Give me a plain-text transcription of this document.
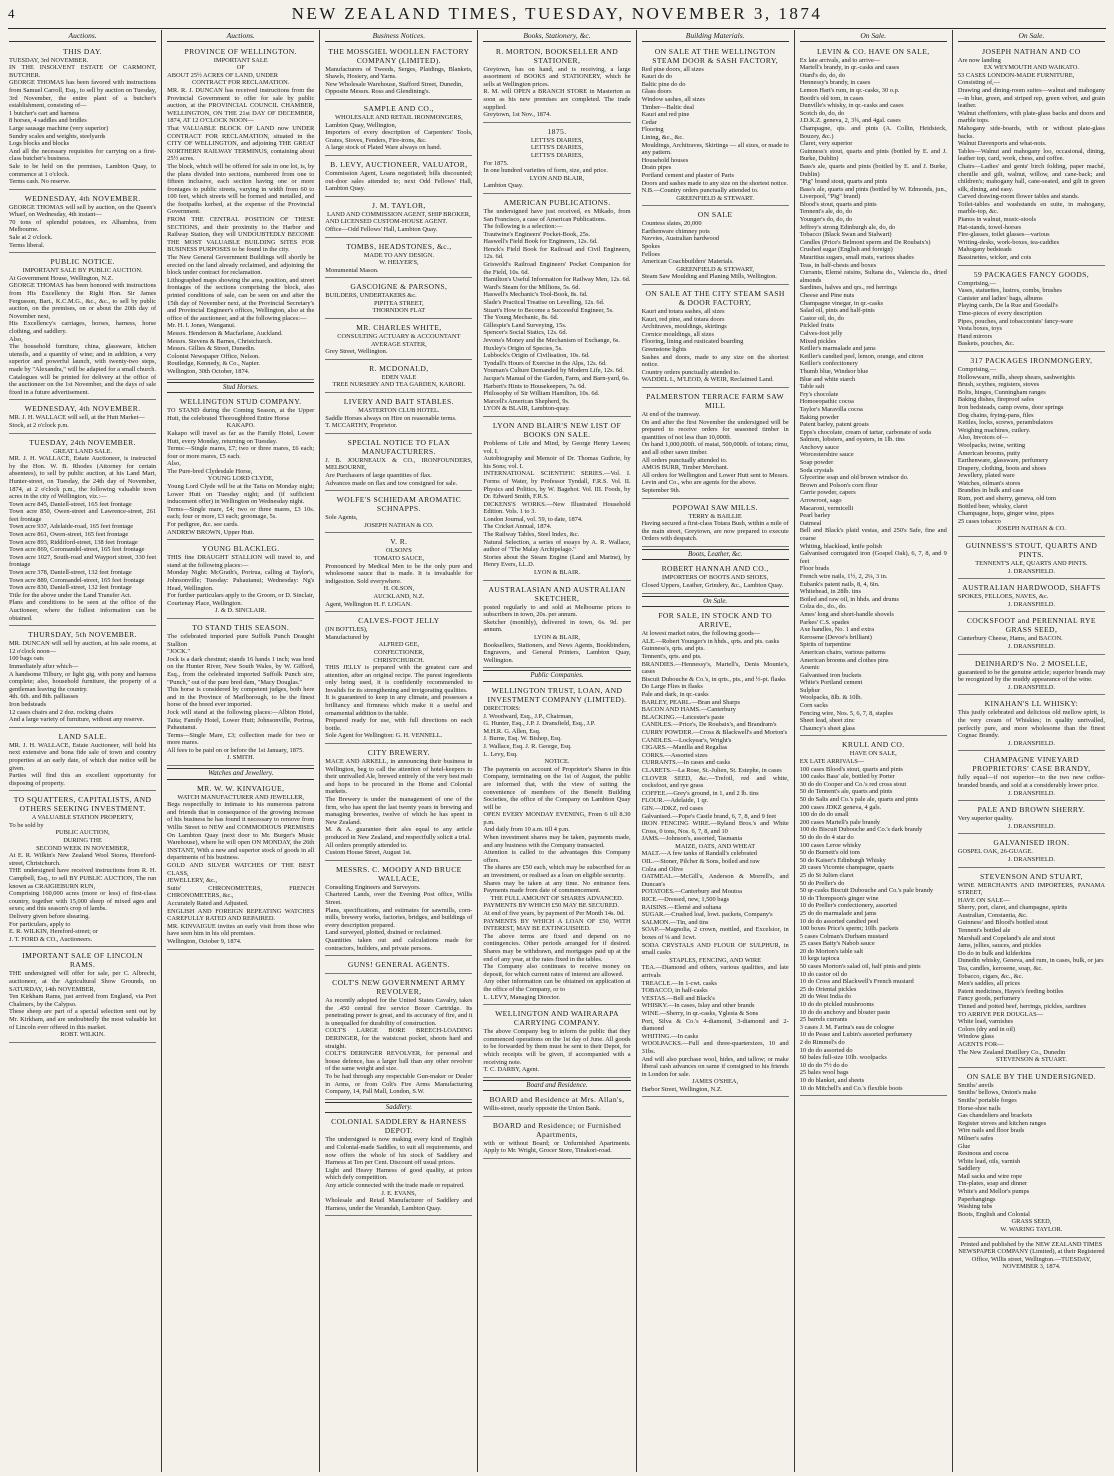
4	NEW ZEALAND TIMES, TUESDAY, NOVEMBER 3, 1874
Auctions.
THIS DAY.

TUESDAY, 3rd NOVEMBER.

IN THE INSOLVENT ESTATE OF CARMONT, BUTCHER.

GEORGE THOMAS has been favored with instructions from Samuel Carroll, Esq., to sell by auction on Tuesday, 3rd November, the entire plant of a butcher's establishment, consisting of—

1 butcher's cart and harness

8 horses, 4 saddles and bridles

Large sausage machine (very superior)

Sundry scales and weights, steelyards

Logs blocks and blocks

And all the necessary requisites for carrying on a first-class butcher's business.

Sale to be held on the premises, Lambton Quay, to commence at 1 o'clock.

Terms cash. No reserve.

WEDNESDAY, 4th NOVEMBER.

GEORGE THOMAS will sell by auction, on the Queen's Wharf, on Wednesday, 4th instant—

70 tons of splendid potatoes, ex Alhambra, from Melbourne.

Sale at 2 o'clock.

Terms liberal.

PUBLIC NOTICE.

IMPORTANT SALE BY PUBLIC AUCTION.

At Government House, Wellington, N.Z.

GEORGE THOMAS has been honored with instructions from His Excellency the Right Hon. Sir James Fergusson, Bart., K.C.M.G., &c., &c., to sell by public auction, on the premises, on or about the 20th day of November next,

His Excellency's carriages, horses, harness, horse clothing, and saddlery.

Also,

The household furniture, china, glassware, kitchen utensils, and a quantity of wine; and in addition, a very superior and powerful launch, with twenty-two steps, made by "Alexandra," will be adapted for a small church.

Catalogues will be printed for delivery at the office of the auctioneer on the 1st November, and the days of sale fixed in a future advertisement.

WEDNESDAY, 4th NOVEMBER.

MR. J. H. WALLACE will sell, at the Hutt Market—

Stock, at 2 o'clock p.m.

TUESDAY, 24th NOVEMBER.

GREAT LAND SALE.

MR. J. H. WALLACE, Estate Auctioneer, is instructed by the Hon. W. B. Rhodes (Attorney for certain absentees), to sell by public auction, at his Land Mart, Hunter-street, on Tuesday, the 24th day of November, 1874, at 2 o'clock p.m., the following valuable town acres in the city of Wellington, viz.:—

Town acre 845, Daniell-street, 165 feet frontage

Town acre 850, Owen-street and Lawrence-street, 261 feet frontage

Town acre 937, Adelaide-road, 165 feet frontage

Town acre 861, Owen-street, 165 feet frontage

Town acre 893, Riddiford-street, 138 feet frontage

Town acre 869, Coromandel-street, 165 feet frontage

Town acre 1027, South-road and Wayport street, 330 feet frontage

Town acre 378, Daniell-street, 132 feet frontage

Town acre 889, Coromandel-street, 165 feet frontage

Town acre 830, Daniell-street, 132 feet frontage

Title for the above under the Land Transfer Act.

Plans and conditions to be seen at the office of the Auctioneer, where the fullest information can be obtained.

THURSDAY, 5th NOVEMBER.

MR. DUNCAN will sell by auction, at his sale rooms, at 12 o'clock noon—

100 bags oats

Immediately after which—

A handsome Tilbury, or light gig, with pony and harness complete; also, household furniture, the property of a gentleman leaving the country.

4th. 6th. and 8th. palliasses

Iron bedsteads

12 cases chairs and 2 doz. rocking chairs

And a large variety of furniture, without any reserve.

LAND SALE.

MR. J. H. WALLACE, Estate Auctioneer, will hold his next extensive and bona fide sale of town and country properties at an early date, of which due notice will be given.

Parties will find this an excellent opportunity for disposing of property.

TO SQUATTERS, CAPITALISTS, AND OTHERS SEEKING INVESTMENT.

A VALUABLE STATION PROPERTY,

To be sold by

PUBLIC AUCTION,

DURING THE

SECOND WEEK IN NOVEMBER,

At E. R. Wilkin's New Zealand Wool Stores, Hereford-street, Christchurch.

THE undersigned have received instructions from R. H. Campbell, Esq., to sell BY PUBLIC AUCTION, The run known as CRAIGIEBURN RUN,

Comprising 160,000 acres (more or less) of first-class country, together with 15,000 sheep of mixed ages and sexes; and this season's crop of lambs.

Delivery given before shearing.

For particulars, apply to

E. R. WILKIN, Hereford-street; or

J. T. FORD & CO., Auctioneers.

IMPORTANT SALE OF LINCOLN RAMS.

THE undersigned will offer for sale, per C. Albrecht, auctioneer, at the Agricultural Show Grounds, on SATURDAY, 14th NOVEMBER,

Ten Kirkham Rams, just arrived from England, via Port Chalmers, by the Calypso.

These sheep are part of a special selection sent out by Mr. Kirkham, and are undoubtedly the most valuable lot of Lincoln ever offered in this market.

ROBT. WILKIN.

Auctions.
PROVINCE OF WELLINGTON.

IMPORTANT SALE

OF

ABOUT 25½ ACRES OF LAND, UNDER

CONTRACT FOR RECLAMATION.

MR. R. J. DUNCAN has received instructions from the Provincial Government to offer for sale by public auction, at the PROVINCIAL COUNCIL CHAMBER, WELLINGTON, ON THE 21st DAY OF DECEMBER, 1874, AT 12 O'CLOCK NOON—

That VALUABLE BLOCK OF LAND now UNDER CONTRACT FOR RECLAMATION, situated in the CITY OF WELLINGTON, and adjoining THE GREAT NORTHERN RAILWAY TERMINUS, containing about 25½ acres.

The block, which will be offered for sale in one lot, is, by the plans divided into sections, numbered from one to fifteen inclusive, each section having one or more frontages to public streets, varying in width from 60 to 100 feet, which streets will be formed and metalled, and the footpaths kerbed, at the expense of the Provincial Government.

FROM THE CENTRAL POSITION OF THESE SECTIONS, and their proximity to the Harbor and Railway Station, they will UNDOUBTEDLY BECOME THE MOST VALUABLE BUILDING SITES FOR BUSINESS PURPOSES to be found in the city.

The New General Government Buildings will shortly be erected on the land already reclaimed, and adjoining the block under contract for reclamation.

Lithographed maps showing the area, position, and street frontages of the sections comprising the block, also printed conditions of sale, can be seen on and after the 15th day of November next, at the Provincial Secretary's and Provincial Engineer's offices, Wellington, also at the office of the auctioneer, and at the following places:—

Mr. H. I. Jones, Wanganui.

Messrs. Henderson & Macfarlane, Auckland.

Messrs. Stevens & Barnes, Christchurch.

Messrs. Gillies & Street, Dunedin.

Colonist Newspaper Office, Nelson.

Routledge, Kennedy, & Co., Napier.

Wellington, 30th October, 1874.

Stud Horses.
WELLINGTON STUD COMPANY.

TO STAND during the Coming Season, at the Upper Hutt, the celebrated Thoroughbred Entire Horse

KAKAPO.

Kakapo will travel as far as the Family Hotel, Lower Hutt, every Monday, returning on Tuesday.

Terms:—Single mares, £7; two or three mares, £6 each; four or more mares, £5 each.

Also,

The Pure-bred Clydesdale Horse,

YOUNG LORD CLYDE,

Young Lord Clyde will be at the Taita on Monday night; Lower Hutt on Tuesday night; and (if sufficient inducement offer) in Wellington on Wednesday night.

Terms—Single mare, £4; two or three mares, £3 10s. each; four or more, £3 each; groomage, 5s.

For pedigree, &c. see cards.

ANDREW BROWN, Upper Hutt.

YOUNG BLACKLEG.

THIS fine DRAUGHT STALLION will travel to, and stand at the following places:—

Monday Night: McGrath's, Porirua, calling at Taylor's, Johnsonville; Tuesday: Pahautanui; Wednesday: Ng's Head, Wellington.

For further particulars apply to the Groom, or D. Sinclair, Courtenay Place, Wellington.

J. & D. SINCLAIR.

TO STAND THIS SEASON.

The celebrated imported pure Suffolk Punch Draught Stallion

"JOCK."

Jock is a dark chestnut; stands 16 hands 1 inch; was bred on the Hunter River, New South Wales, by W. Gifford, Esq., from the celebrated imported Suffolk Punch sire, "Punch," out of the pure bred dam, "Macy Douglas."

This horse is considered by competent judges, both here and in the Province of Marlborough, to be the finest horse of the breed ever imported.

Jock will stand at the following places:—Albion Hotel, Taita; Family Hotel, Lower Hutt; Johnsonville, Porirua, Pahautanui.

Terms—Single Mare, £3; collection made for two or more mares.

All fees to be paid on or before the 1st January, 1875.

J. SMITH.

Watches and Jewellery.
MR. W. W. KINVAIGUE,

WATCH MANUFACTURER AND JEWELLER,

Begs respectfully to intimate to his numerous patrons and friends that in consequence of the growing increase of his business he has found it necessary to remove from Willis Street to NEW and COMMODIOUS PREMISES On Lambton Quay (next door to Mr. Burger's Music Warehouse), where he will open ON MONDAY, the 26th INSTANT, With a new and superior stock of goods in all departments of his business.

GOLD AND SILVER WATCHES OF THE BEST CLASS,

JEWELLERY, &c.,

Suits' CHRONOMETERS, FRENCH CHRONOMETERS, &c.,

Accurately Rated and Adjusted.

ENGLISH AND FOREIGN REPEATING WATCHES CAREFULLY RATED AND REPAIRED.

MR. KINVAIGUE invites an early visit from those who have seen him in his old premises.

Wellington, October 9, 1874.

Business Notices.
THE MOSSGIEL WOOLLEN FACTORY COMPANY (LIMITED).

Manufacturers of Tweeds, Serges, Plaidings, Blankets, Shawls, Hosiery, and Yarns.

New Wholesale Warehouse, Stafford Street, Dunedin,

Opposite Messrs. Ross and Glendining's.

SAMPLE AND CO.,

WHOLESALE AND RETAIL IRONMONGERS,

Lambton Quay, Wellington,

Importers of every description of Carpenters' Tools, Grates, Stoves, Fenders, Fire-irons, &c.

A large stock of Plated Ware always on hand.

B. LEVY, AUCTIONEER, VALUATOR,

Commission Agent, Loans negotiated; bills discounted; out-door sales attended to; next Odd Fellows' Hall, Lambton Quay.

J. M. TAYLOR,

LAND AND COMMISSION AGENT, SHIP BROKER,

AND LICENSED CUSTOM-HOUSE AGENT.

Office—Odd Fellows' Hall, Lambton Quay.

TOMBS, HEADSTONES, &c.,

MADE TO ANY DESIGN.

W. HELYER'S,

Monumental Mason.

GASCOIGNE & PARSONS,

BUILDERS, UNDERTAKERS &c.

PIPITEA STREET,

THORNDON FLAT

MR. CHARLES WHITE,

CONSULTING ACTUARY & ACCOUNTANT

AVERAGE STATER,

Grey Street, Wellington.

R. MCDONALD,

EDEN VALE

TREE NURSERY AND TEA GARDEN, KARORI.

LIVERY AND BAIT STABLES.

MASTERTON CLUB HOTEL.

Saddle Horses always on Hire on reasonable terms.

T. MCCARTHY, Proprietor.

SPECIAL NOTICE TO FLAX MANUFACTURERS.

J. B. JOURNEAUX & CO., IRONFOUNDERS, MELBOURNE,

Are Purchasers of large quantities of flax.

Advances made on flax and tow consigned for sale.

WOLFE'S SCHIEDAM AROMATIC SCHNAPPS.

Sole Agents,

JOSEPH NATHAN & CO.

V. R.

OLSON'S

TOMATO SAUCE,

Pronounced by Medical Men to be the only pure and wholesome sauce that is made. It is invaluable for indigestion. Sold everywhere.

H. OLSON,

AUCKLAND, N.Z.

Agent, Wellington H. F. LOGAN.

CALVES-FOOT JELLY

(IN BOTTLES),

Manufactured by

ALFRED GEE,

CONFECTIONER,

CHRISTCHURCH.

THIS JELLY is prepared with the greatest care and attention, after an original recipe. The purest ingredients only being used, it is confidently recommended to Invalids for its strengthening and invigorating qualities.

It is guaranteed to keep in any climate, and possesses a brilliancy and firmness which make it a useful and ornamental addition to the table.

Prepared ready for use, with full directions on each bottle.

Sole Agent for Wellington: G. H. VENNELL.

CITY BREWERY.

MACE AND ARKELL, in announcing their business in Wellington, beg to call the attention of hotel-keepers to their unrivalled Ale, brewed entirely of the very best malt and hops to be procured in the Home and Colonial markets.

The Brewery is under the management of one of the firm, who has spent the last twenty years in brewing and managing breweries, twelve of which he has spent in New Zealand.

M. & A. guarantee their ales equal to any article produced in New Zealand, and respectfully solicit a trial.

All orders promptly attended to.

Custom House Street, August 1st.

MESSRS. C. MOODY AND BRUCE WALLACE,

Consulting Engineers and Surveyors.

Chartered Lands, over the Evening Post office, Willis Street.

Plans, specifications, and estimates for sawmills, corn-mills, brewery works, factories, bridges, and buildings of every description prepared.

Land surveyed, plotted, drained or reclaimed.

Quantities taken out and calculations made for contractors, builders, and private persons.

GUNS! GENERAL AGENTS.
COLT'S NEW GOVERNMENT ARMY REVOLVER,

As recently adopted for the United States Cavalry, takes the .450 central fire service Boxer Cartridge. Its penetrating power is great, and its accuracy of fire, and it is unequalled for durability of construction.

COLT'S LARGE BORE BREECH-LOADING DERINGER, for the waistcoat pocket, shoots hard and straight.

COLT'S DERINGER REVOLVER, for personal and house defence, has a larger ball than any other revolver of the same weight and size.

To be had through any respectable Gun-maker or Dealer in Arms, or from Colt's Fire Arms Manufacturing Company, 14, Pall Mall, London, S.W.

Saddlery.
COLONIAL SADDLERY & HARNESS DEPOT.

The undersigned is now making every kind of English and Colonial-made Saddles, to suit all requirements, and now offers the whole of his stock of Saddlery and Harness at Ten per Cent. Discount off usual prices.

Light and Heavy Harness of good quality, at prices which defy competition.

Any article connected with the trade made or repaired.

J. E. EVANS,

Wholesale and Retail Manufacturer of Saddlery and Harness, under the Verandah, Lambton Quay.

Books, Stationery, &c.
R. MORTON, BOOKSELLER AND STATIONER,

Greytown, has on hand, and is receiving, a large assortment of BOOKS and STATIONERY, which he sells at Wellington prices.

R. M. will OPEN a BRANCH STORE in Masterton as soon as his new premises are completed. The trade supplied.

Greytown, 1st Nov., 1874.

1875.

LETTS'S DIARIES,

LETTS'S DIARIES,

LETTS'S DIARIES,

For 1875.

In one hundred varieties of form, size, and price.

LYON AND BLAIR,

Lambton Quay.

AMERICAN PUBLICATIONS.

The undersigned have just received, ex Mikado, from San Francisco, a case of American Publications.

The following is a selection:—

Trautwine's Engineers' Pocket-Book, 25s.

Haswell's Field Book for Engineers, 12s. 6d.

Henck's Field Book for Railroad and Civil Engineers, 12s. 6d.

Griswold's Railroad Engineers' Pocket Companion for the Field, 10s. 6d.

Hamilton's Useful Information for Railway Men, 12s. 6d.

Ward's Steam for the Millions, 5s. 6d.

Haswell's Mechanic's Tool-Book, 8s. 6d.

Slade's Practical Treatise on Levelling, 12s. 6d.

Stuart's How to Become a Successful Engineer, 5s.

The Young Mechanic, 8s. 6d.

Gillespie's Land Surveying, 15s.

Spencer's Social Statics, 12s. 6d.

Jevons's Money and the Mechanism of Exchange, 6s.

Huxley's Origin of Species, 5s.

Lubbock's Origin of Civilisation, 10s. 6d.

Tyndall's Hours of Exercise in the Alps, 12s. 6d.

Youman's Culture Demanded by Modern Life, 12s. 6d.

Jacque's Manual of the Garden, Farm, and Barn-yard, 6s.

Harbert's Hints to Housekeepers, 7s. 6d.

Philosophy of Sir William Hamilton, 10s. 6d.

Marcell's American Shepherd, 9s.

LYON & BLAIR, Lambton-quay.

LYON AND BLAIR'S NEW LIST OF BOOKS ON SALE.

Problems of Life and Mind, by George Henry Lewes; vol. I.

Autobiography and Memoir of Dr. Thomas Guthrie, by his Sons; vol. I.

INTERNATIONAL SCIENTIFIC SERIES.—Vol. I. Forms of Water, by Professor Tyndall, F.R.S. Vol. II. Physics and Politics, by W. Bagehot. Vol. III. Foods, by Dr. Edward Smith, F.R.S.

DICKENS'S WORKS.—New Illustrated Household Edition. Vols. 1 to 3.

London Journal, vol. 59, to date, 1874.

The Cricket Annual, 1874.

The Railway Tables, Steel Index, &c.

Natural Selection, a series of essays by A. R. Wallace, author of "The Malay Archipelago."

Stories about the Steam Engine (Land and Marine), by Henry Evers, LL.D.

LYON & BLAIR.

AUSTRALASIAN AND AUSTRALIAN SKETCHER,

posted regularly to and sold at Melbourne prices to subscribers in town, 20s. per annum.

Sketcher (monthly), delivered in town, 6s. 9d. per annum.

LYON & BLAIR,

Booksellers, Stationers, and News Agents, Bookbinders, Engravers, and General Printers, Lambton Quay, Wellington.

Public Companies.
WELLINGTON TRUST, LOAN, AND INVESTMENT COMPANY (LIMITED).

DIRECTORS:

J. Woodward, Esq., J.P., Chairman,

G. Hunter, Esq., J.P. J. Dransfield, Esq., J.P.

M.H.R. G. Allen, Esq.

J. Burne, Esq. W. Bishop, Esq.

J. Wallace, Esq. J. R. George, Esq.

L. Levy, Esq.

NOTICE.

The payments on account of Proprietor's Shares in this Company, terminating on the 1st of August, the public are informed that, with the view of suiting the convenience of members of the Benefit Building Societies, the office of the Company on Lambton Quay will be

OPEN EVERY MONDAY EVENING, From 6 till 8.30 p.m.

And daily from 10 a.m. till 4 p.m.

When investment shares may be taken, payments made, and any business with the Company transacted.

Attention is called to the advantages this Company offers.

The shares are £50 each, which may be subscribed for as an investment, or realised as a loan on eligible security.

Shares may be taken at any time. No entrance fees. Payments made from date of commencement.

THE FULL AMOUNT OF SHARES ADVANCED.

PAYMENTS BY WHICH £50 MAY BE SECURED.

At end of five years, by payment of Per Month 14s. 0d.

PAYMENTS BY WHICH A LOAN OF £50, WITH INTEREST, MAY BE EXTINGUISHED.

The above terms are fixed and depend on no contingencies. Other periods arranged for if desired. Shares may be withdrawn, and mortgages paid up at the end of any year, at the rates fixed in the tables.

The Company also continues to receive money on deposit, for which current rates of interest are allowed.

Any other information can be obtained on application at the office of the Company, or to

L. LEVY, Managing Director.

WELLINGTON AND WAIRARAPA CARRYING COMPANY.

The above Company beg to inform the public that they commenced operations on the 1st day of June. All goods to be forwarded by them must be sent to their Depot, for which receipts will be given, if accompanied with a receiving note.

T. C. DARBY, Agent.

Board and Residence.
BOARD and Residence at Mrs. Allan's,

Willis-street, nearly opposite the Union Bank.

BOARD and Residence; or Furnished Apartments,

with or without Board; or Unfurnished Apartments. Apply to Mr. Wright, Grocer Store, Tinakori-road.

Building Materials.
ON SALE AT THE WELLINGTON STEAM DOOR & SASH FACTORY,

Red pine doors, all sizes

Kauri do do

Baltic pine do do

Glass doors

Window sashes, all sizes

Timber—Baltic deal

Kauri and red pine

Cedar

Flooring

Lining, &c., &c.

Mouldings, Architraves, Skirtings — all sizes, or made to any pattern.

Household houses

Drain pipes

Portland cement and plaster of Paris

Doors and sashes made to any size on the shortest notice.

N.B.—Country orders punctually attended to.

GREENFIELD & STEWART.

ON SALE

Countess slates, 20,000

Earthenware chimney pots

Navvies, Australian hardwood

Spokes

Felloes

American Coachbuilders' Materials.

GREENFIELD & STEWART,

Steam Saw Moulding and Planing Mills, Wellington.

ON SALE AT THE CITY STEAM SASH & DOOR FACTORY,

Kauri and totara sashes, all sizes

Kauri, red pine, and totara doors

Architraves, mouldings, skirtings

Cornice mouldings, all sizes

Flooring, lining and rusticated boarding

Greenstone lights

Sashes and doors, made to any size on the shortest notice.

Country orders punctually attended to.

WADDEL L, M'LEOD, & WEIR, Reclaimed Land.

PALMERSTON TERRACE FARM SAW MILL

At end of the tramway.

On and after the first November the undersigned will be prepared to receive orders for seasoned timber in quantities of not less than 10,000ft.

On hand 1,000,000ft. of matai, 500,000ft. of totara; rimu, and all other sawn timber.

All orders punctually attended to.

AMOS BURR, Timber Merchant.

All orders for Wellington and Lower Hutt sent to Messrs. Levin and Co., who are agents for the above.

September 9th.

POPOWAI SAW MILLS.

TERRY & BAILLIE

Having secured a first-class Totara Bush, within a mile of the main street, Greytown, are now prepared to execute Orders with despatch.

Boots, Leather, &c.
ROBERT HANNAH AND CO.,

IMPORTERS OF BOOTS AND SHOES,

Closed Uppers, Leather, Grindery, &c., Lambton Quay.

On Sale.
FOR SALE, IN STOCK AND TO ARRIVE,

At lowest market rates, the following goods—

ALE.—Robert Younger's in hhds., qrts. and pts. casks

Guinness's, qrts. and pts.

Tennent's, qrts. and pts.

BRANDIES.—Hennessy's, Martell's, Denis Mounie's, cases

Biscuit Dubouche & Co.'s, in qrts., pts., and ½-pt. flasks

Do Large Flies in flasks

Pale and dark, in qr.-casks

BARLEY, PEARL.—Bran and Sharps

BACON AND HAMS.—Canterbury

BLACKING.—Leicester's paste

CANDLES.—Price's, De Roubaix's, and Brandram's

CURRY POWDER.—Cross & Blackwell's and Morton's

CANDLES.—Lockyear's, Wright's

CIGARS.—Manilla and Regalias

CORKS.—Assorted sizes

CURRANTS.—In cases and casks

CLARETS.—La Rose, St.-Julien, St. Estephe, in cases

CLOVER SEED, &c.—Trefoil, red and white, cocksfoot, and rye grass

COFFEE.—Grey's ground, in 1, and 2 lb. tins

FLOUR.—Adelaide, 1 qr.

GIN.—JDKZ, red cases

Galvanised.—Pope's Castle brand, 6, 7, 8, and 9 feet

IRON FENCING WIRE.—Ryland Bros.'s and White Cross, 0 tons, Nos. 6, 7, 8, and 10

JAMS.—Johnson's, assorted, Tasmania

MAIZE, OATS, AND WHEAT

MALT.—A few tanks of Randall's celebrated

OIL.—Stoner, Pilcher & Sons, boiled and raw

Colza and Olive

OATMEAL.—McGill's, Anderson & Morrell's, and Duncan's

POTATOES.—Canterbury and Moutoa

RICE.—Dressed, new, 1,500 bags

RAISINS.—Elemé and sultana

SUGAR.—Crushed loaf, lowt. packets, Company's

SALMON.—Tin, and tins

SOAP.—Magnolia, 2 crown, mottled, and Excelsior, in boxes of ¼ and 1cwt.

SODA CRYSTALS AND FLOUR OF SULPHUR, in small casks

STAPLES, FENCING, AND WIRE

TEA.—Diamond and others, various qualities, and late arrivals

TREACLE.—In 1-cwt. casks

TOBACCO, in half-casks

VESTAS.—Bell and Black's

WHISKY.—In cases, Islay and other brands

WINE.—Sherry, in qr.-casks, Yglesia & Sons

Port, Silva & Co.'s 4-diamond, 3-diamond and 2-diamond

WHITING.—In casks

WOOLPACKS.—Full and three-quartersizes, 10 and 31bs.

And will also purchase wool, hides, and tallow; or make liberal cash advances on same if consigned to his friends in London for sale.

JAMES O'SHEA,

Harbor Street, Wellington, N.Z.

On Sale.
LEVIN & CO. HAVE ON SALE,

Ex late arrivals, and to arrive—

Martell's brandy, in qr.-casks and cases

Otard's do, do, do

Hennessy's brandy, in cases

Lemon Hart's rum, in qr.-casks, 30 o.p.

Booth's old tom, in cases

Dunville's whisky, in qr.-casks and cases

Scotch do, do, do

J.D.K.Z. geneva, 2, 3¾, and 4gal. cases

Champagne, qts. and pints (A. Collin, Heidsieck, Bouzey, &c.)

Claret, very superior

Guinness's stout, quarts and pints (bottled by E. and J. Burke, Dublin)

Bass's ale, quarts and pints (bottled by E. and J. Burke, Dublin)

"Pig" brand stout, quarts and pints

Bass's ale, quarts and pints (bottled by W. Edmonds, jun., Liverpool, "Pig" brand)

Blood's stout, quarts and pints

Tennent's ale, do, do

Younger's do, do, do

Jeffrey's strong Edinburgh ale, do, do

Tobacco (Black Swan and Stalwart)

Candles (Price's Belmont sperm and De Roubaix's)

Crushed sugar (English and foreign)

Mauritius sugars, small mats, various shades

Teas, in half-chests and boxes

Currants, Elemé raisins, Sultana do., Valencia do., dried almonds

Sardines, halves and qrs., red herrings

Cheese and Pine nuts

Champagne vinegar, in qr.-casks

Salad oil, pints and half-pints

Castor oil, do, do

Pickled fruits

Calves-foot jelly

Mixed pickles

Keiller's marmalade and jams

Keiller's candied peel, lemon, orange, and citron

Keiller's confectionery

Thumb blue, Windsor blue

Blue and white starch

Table salt

Fry's chocolate

Homoeopathic cocoa

Taylor's Maravilla cocoa

Baking powder

Patent barley, patent groats

Epps's chocolate, cream of tartar, carbonate of soda

Salmon, lobsters, and oysters, in 1lb. tins

Anchovy sauce

Worcestershire sauce

Soap powder

Soda crystals

Glycerine soap and old brown windsor do.

Brown and Polson's corn flour

Carrie powder, capers

Arrowroot, sago

Macaroni, vermicelli

Pearl barley

Oatmeal

Bell and Black's plaid vestas, and 250's Safe, fine and coarse

Whiting, blacklead, knife polish

Galvanised corrugated iron (Gospel Oak), 6, 7, 8, and 9 feet

Floor brads

French wire nails, 1½, 2, 2¼, 3 in.

Eubank's patent nails, 8, 4, 6in.

Whitehead, in 28lb. tins

Boiled and raw oil, in hhds. and drums

Colza do., do., do.

Ames' long and short-handle shovels

Parkes' C.S. spades

Axe handles, No. 1 and extra

Kerosene (Devoe's brilliant)

Spirits of turpentine

American chairs, various patterns

American brooms and clothes pins

Arsenic

Galvanised iron buckets

White's Portland cement

Sulphur

Woolpacks, 8lb. & 10lb.

Corn sacks

Fencing wire, Nos. 5, 6, 7, 8, staples

Sheet lead, sheet zinc

Chauncy's sheet glass

KRULL AND CO.

HAVE ON SALE,

EX LATE ARRIVALS—

100 cases Blood's stout, quarts and pints

100 casks Bass' ale, bottled by Porter

30 do do Cooper and Co.'s red cross stout

50 do Tennent's ale, quarts and pints

50 do Salts and Co.'s pale ale, quarts and pints

200 cases JDKZ geneva, 4 gals.

100 do do do small

200 cases Martell's pale brandy

100 do Biscuit Dubouche and Co.'s dark brandy

50 do do do 4 star do

100 cases Leroe whisky

50 do Burnett's old tom

50 do Kaiser's Edinburgh Whisky

20 cases Vicomte champagne, quarts

25 do St Julien claret

50 do Preller's do

50 qr-casks Biscuit Dubouche and Co.'s pale brandy

10 do Thompson's ginger wine

10 do Preller's confectionery, assorted

25 do do marmalade and jams

10 do do assorted candied peel

100 boxes Price's sperm; 10lb. packets

5 cases Colman's Durham mustard

25 cases Batty's Nabob sauce

20 do Morton's table salt

10 kegs tapioca

50 cases Morton's salad oil, half pints and pints

10 do castor oil do

10 do Cross and Blackwell's French mustard

25 do Oriental pickles

20 do West India do

10 do do pickled mushrooms

10 do do anchovy and bloater paste

25 barrels currants

3 cases J. M. Farina's eau de cologne

10 do Pease and Lubin's assorted perfumery

2 do Rimmel's do

10 do do assorted do

60 bales full-size 10lb. woolpacks

10 do do 7½ do do

25 bales wool bags

10 do blanket, and sheets

10 do Mitchell's and Co.'s flexible boots

On Sale.
JOSEPH NATHAN AND CO

Are now landing

EX WEYMOUTH AND WAIKATO.

53 CASES LONDON-MADE FURNITURE,

Consisting of,—

Drawing and dining-room suites—walnut and mahogany—in blue, green, and striped rep, green velvet, and grain leather.

Walnut cheffoniers, with plate-glass backs and doors and marble tops.

Mahogany side-boards, with or without plate-glass backs.

Walnut Davenports and what-nots.

Tables—Walnut and mahogany loo, occasional, dining, leather top, card, work, chess, and coffee.

Chairs—Ladies' and gents' birch folding, paper maché, chenille and gilt, walnut, willow, and cane-back; and children's; mahogany hall, cane-seated, and gilt in green silk, dining, and easy.

Carved drawing-room flower tables and stands.

Toilet-tables and washstands en suite, in mahogany, marble-top, &c.

Pianos in walnut, music-stools

Hat-stands, towel-horses

Fire-glasses, toilet glasses—various

Writing-desks, work-boxes, tea-caddies

Mahogany bedsteads

Bassinettes, wicker, and cots

59 PACKAGES FANCY GOODS,

Comprising,—

Vases, statuettes, lustres, combs, brushes

Canister and ladies' bags, albums

Playing cards, De la Rue and Goodall's

Time-pieces of every description

Pipes, pouches, and tobacconists' fancy-ware

Vesta boxes, toys

Hand mirrors

Baskets, pouches, &c.

317 PACKAGES IRONMONGERY,

Comprising,—

Hollowware, mills, sheep shears, sashweights

Brush, scythes, registers, stoves

Bolts, hinges, Cunningham ranges

Baking dishes, fireproof safes

Iron bedsteads, camp ovens, door springs

Dog chains, frying-pans, files

Kettles, locks, screws, perambulators

Weighing machines, cutlery.

Also, Invoices of—

Woolpacks, twine, writing

American brooms, putty

Earthenware, glassware, perfumery

Drapery, clothing, boots and shoes

Jewellery, plated ware

Watches, oilman's stores

Brandies in bulk and case

Rum, port and sherry, geneva, old tom

Bottled beer, whisky, claret

Champagne, hops, ginger wine, pipes

25 cases tobacco

JOSEPH NATHAN & CO.

GUINNESS'S STOUT, QUARTS AND PINTS.

TENNENT'S ALE, QUARTS AND PINTS.

J. DRANSFIELD.

AUSTRALIAN HARDWOOD, SHAFTS

SPOKES, FELLOES, NAVES, &c.

J. DRANSFIELD.

COCKSFOOT and PERENNIAL RYE GRASS SEED,

Canterbury Cheese, Hams, and BACON.

J. DRANSFIELD.

DEINHARD'S No. 2 MOSELLE,

guaranteed to be the genuine article; superior brands may be recognized by the muddy appearance of the wine.

J. DRANSFIELD.

KINAHAN'S LL WHISKY:

This justly celebrated and delicious old mellow spirit, is the very cream of Whiskies; in quality unrivalled, perfectly pure, and more wholesome than the finest Cognac Brandy.

J. DRANSFIELD.

CHAMPAGNE VINEYARD PROPRIETORS' CASE BRANDY,

fully equal—if not superior—to the two new coffee-branded brands, and sold at a considerably lower price.

J. DRANSFIELD.

PALE AND BROWN SHERRY.

Very superior quality.

J. DRANSFIELD.

GALVANISED IRON.

GOSPEL OAK, 26-GUAGE.

J. DRANSFIELD.

STEVENSON AND STUART,

WINE MERCHANTS AND IMPORTERS, PANAMA STREET,

HAVE ON SALE—

Sherry, port, claret, and champagne, spirits

Australian, Constantia, &c.

Guinness' and Blood's bottled stout

Tennent's bottled ale

Marshall and Copeland's ale and stout

Jams, jellies, sauces, and pickles

Do do in bulk and kilderkins

Dunedin whisky, Geneva, and rum, in cases, bulk, or jars

Tea, candles, kerosene, soap, &c.

Tobacco, cigars, &c., &c.

Men's saddles, all prices

Patent medicines, Hayes's feeding bottles

Fancy goods, perfumery

Tinned and potted beef, herrings, pickles, sardines

TO ARRIVE PER DOUGLAS—

White lead, varnishes

Colors (dry and in oil)

Window glass

AGENTS FOR—

The New Zealand Distillery Co., Dunedin

STEVENSON & STUART.

ON SALE BY THE UNDERSIGNED.

Smiths' anvils

Smiths' bellows, Onion's make

Smiths' portable forges

Horse-shoe nails

Gas chandeliers and brackets

Register stoves and kitchen ranges

Wire nails and floor brads

Milner's safes

Glue

Resinous and cocoa

White lead, oils, varnish

Saddlery

Mail sacks and wire rope

Tin-plates, soap and dinner

White's and Mellor's pumps

Paperhangings

Washing tubs

Boots, English and Colonial

GRASS SEED,

W. WARING TAYLOR.

Printed and published by the NEW ZEALAND TIMES NEWSPAPER COMPANY (Limited), at their Registered Office, Willis street, Wellington.—TUESDAY, NOVEMBER 3, 1874.
